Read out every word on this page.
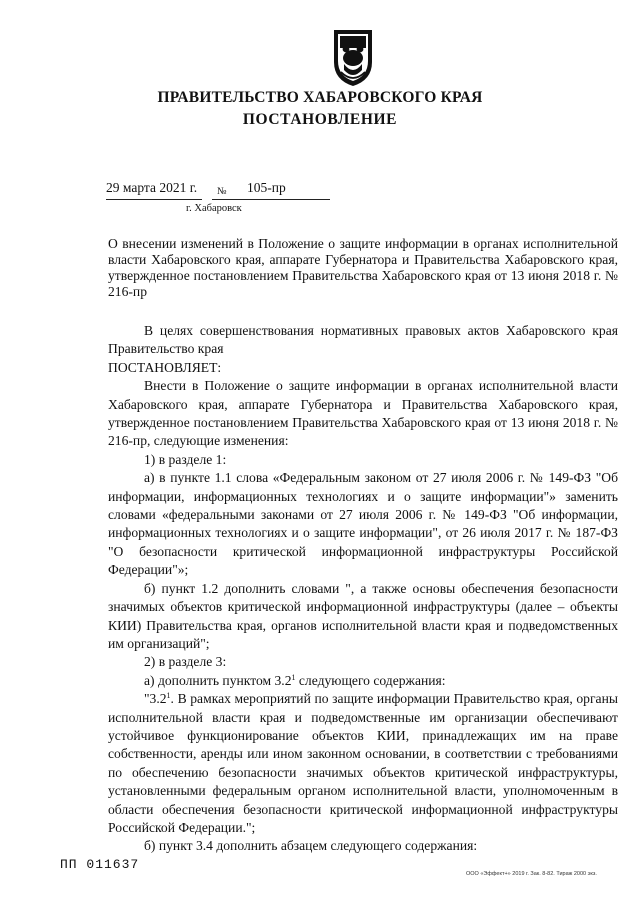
ПРАВИТЕЛЬСТВО ХАБАРОВСКОГО КРАЯ
ПОСТАНОВЛЕНИЕ
29 марта 2021 г. № 105-пр
г. Хабаровск
О внесении изменений в Положение о защите информации в органах исполнительной власти Хабаровского края, аппарате Губернатора и Правительства Хабаровского края, утвержденное постановлением Правительства Хабаровского края от 13 июня 2018 г. № 216-пр

В целях совершенствования нормативных правовых актов Хабаровского края Правительство края

ПОСТАНОВЛЯЕТ:

Внести в Положение о защите информации в органах исполнительной власти Хабаровского края, аппарате Губернатора и Правительства Хабаровского края, утвержденное постановлением Правительства Хабаровского края от 13 июня 2018 г. № 216-пр, следующие изменения:

1) в разделе 1:

а) в пункте 1.1 слова «Федеральным законом от 27 июля 2006 г. № 149-ФЗ "Об информации, информационных технологиях и о защите информации"» заменить словами «федеральными законами от 27 июля 2006 г. № 149-ФЗ "Об информации, информационных технологиях и о защите информации", от 26 июля 2017 г. № 187-ФЗ "О безопасности критической информационной инфраструктуры Российской Федерации"»;

б) пункт 1.2 дополнить словами ", а также основы обеспечения безопасности значимых объектов критической информационной инфраструктуры (далее – объекты КИИ) Правительства края, органов исполнительной власти края и подведомственных им организаций";

2) в разделе 3:

а) дополнить пунктом $3.2^1$ следующего содержания:

"$3.2^1$. В рамках мероприятий по защите информации Правительство края, органы исполнительной власти края и подведомственные им организации обеспечивают устойчивое функционирование объектов КИИ, принадлежащих им на праве собственности, аренды или ином законном основании, в соответствии с требованиями по обеспечению безопасности значимых объектов критической инфраструктуры, установленными федеральным органом исполнительной власти, уполномоченным в области обеспечения безопасности критической информационной инфраструктуры Российской Федерации.";

б) пункт 3.4 дополнить абзацем следующего содержания:

ПП 011637
ООО «Эффект+» 2019 г. Зак. 8-82. Тираж 2000 экз.
